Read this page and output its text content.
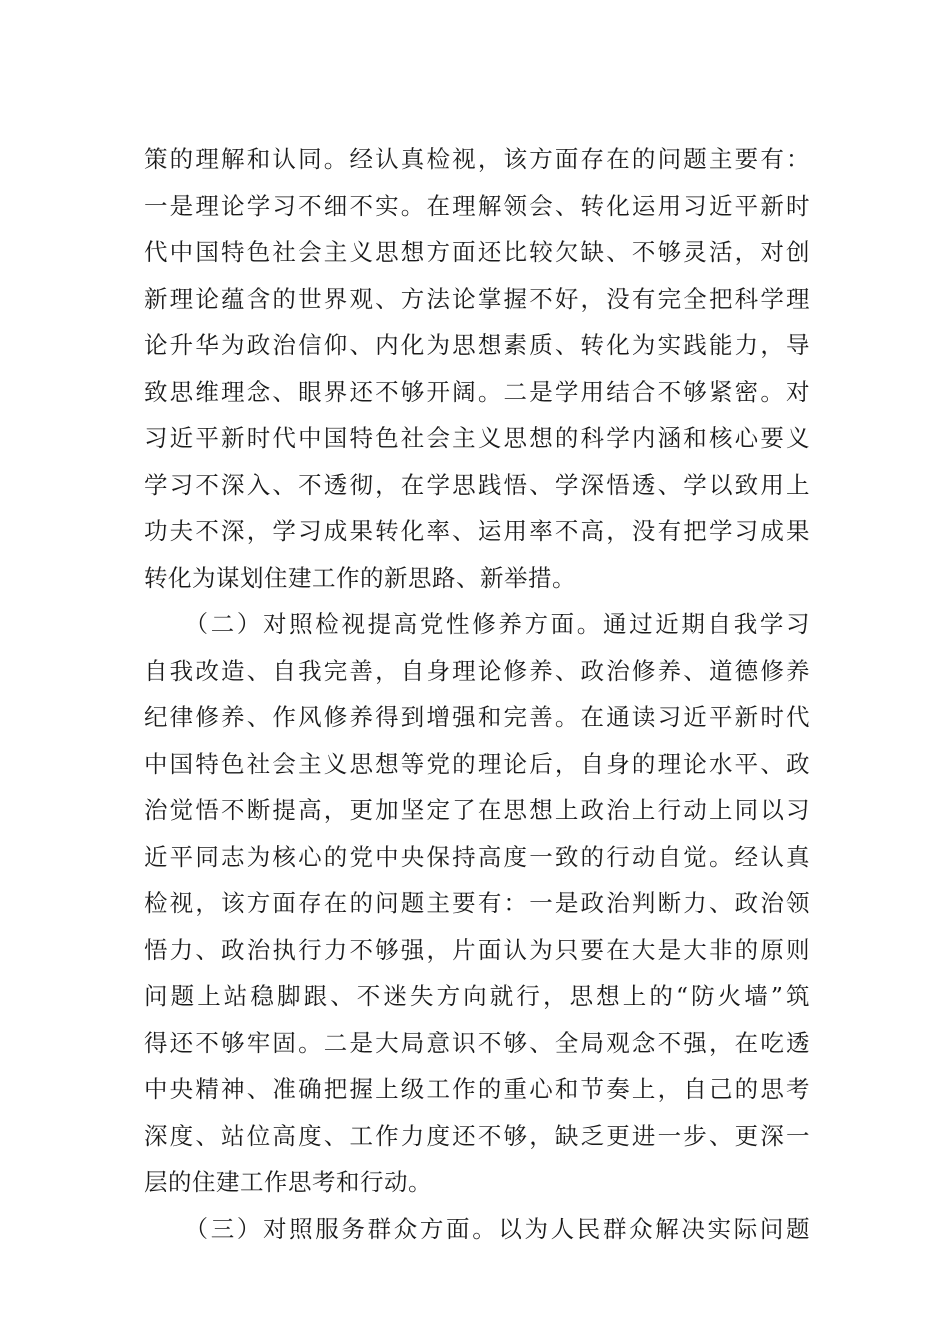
策的理解和认同。经认真检视，该方面存在的问题主要有：
一是理论学习不细不实。在理解领会、转化运用习近平新时
代中国特色社会主义思想方面还比较欠缺、不够灵活，对创
新理论蕴含的世界观、方法论掌握不好，没有完全把科学理
论升华为政治信仰、内化为思想素质、转化为实践能力，导
致思维理念、眼界还不够开阔。二是学用结合不够紧密。对
习近平新时代中国特色社会主义思想的科学内涵和核心要义
学习不深入、不透彻，在学思践悟、学深悟透、学以致用上
功夫不深，学习成果转化率、运用率不高，没有把学习成果
转化为谋划住建工作的新思路、新举措。
　　（二）对照检视提高党性修养方面。通过近期自我学习
自我改造、自我完善，自身理论修养、政治修养、道德修养
纪律修养、作风修养得到增强和完善。在通读习近平新时代
中国特色社会主义思想等党的理论后，自身的理论水平、政
治觉悟不断提高，更加坚定了在思想上政治上行动上同以习
近平同志为核心的党中央保持高度一致的行动自觉。经认真
检视，该方面存在的问题主要有：一是政治判断力、政治领
悟力、政治执行力不够强，片面认为只要在大是大非的原则
问题上站稳脚跟、不迷失方向就行，思想上的“防火墙”筑
得还不够牢固。二是大局意识不够、全局观念不强，在吃透
中央精神、准确把握上级工作的重心和节奏上，自己的思考
深度、站位高度、工作力度还不够，缺乏更进一步、更深一
层的住建工作思考和行动。
　　（三）对照服务群众方面。以为人民群众解决实际问题
